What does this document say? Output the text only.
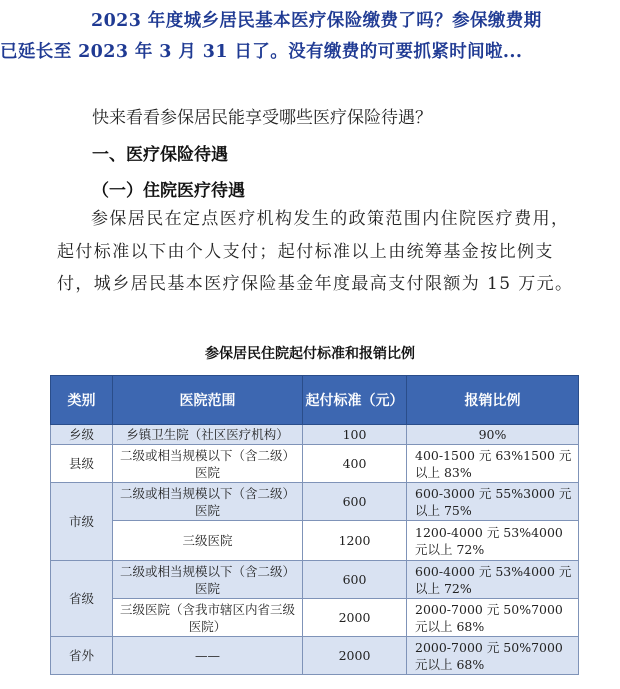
2023 年度城乡居民基本医疗保险缴费了吗？参保缴费期
已延长至 2023 年 3 月 31 日了。没有缴费的可要抓紧时间啦...
快来看看参保居民能享受哪些医疗保险待遇？
一、医疗保险待遇
（一）住院医疗待遇
参保居民在定点医疗机构发生的政策范围内住院医疗费用，起付标准以下由个人支付；起付标准以上由统筹基金按比例支付，城乡居民基本医疗保险基金年度最高支付限额为 15 万元。
参保居民住院起付标准和报销比例
类别	医院范围	起付标准（元）	报销比例
乡级	乡镇卫生院（社区医疗机构）	100	90%
县级	二级或相当规模以下（含二级）医院	400	400-1500 元 63%1500 元以上 83%
市级	二级或相当规模以下（含二级）医院	600	600-3000 元 55%3000 元以上 75%
	三级医院	1200	1200-4000 元 53%4000 元以上 72%
省级	二级或相当规模以下（含二级）医院	600	600-4000 元 53%4000 元以上 72%
	三级医院（含我市辖区内省三级医院）	2000	2000-7000 元 50%7000 元以上 68%
省外	——	2000	2000-7000 元 50%7000 元以上 68%
